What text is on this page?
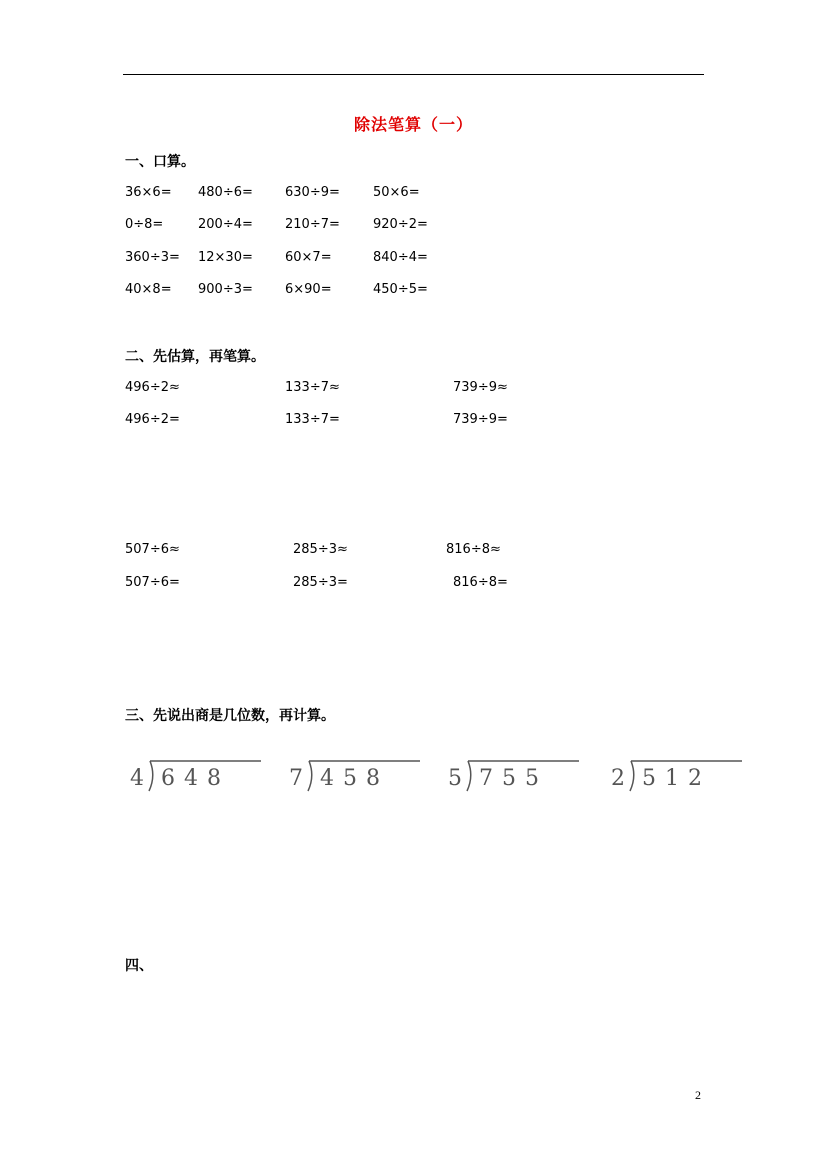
除法笔算（一）
一、口算。
36×6= 480÷6= 630÷9=	50×6=
0÷8=	200÷4= 210÷7=	920÷2=
360÷3= 12×30= 60×7=	840÷4=
40×8= 900÷3= 6×90=	450÷5=
二、先估算，再笔算。
496÷2≈	133÷7≈	739÷9≈
496÷2=	133÷7=	739÷9=
507÷6≈	285÷3≈	816÷8≈
507÷6=	285÷3=	816÷8=
三、先说出商是几位数，再计算。
4 648	7 458	5 755	2 512
四、
2
